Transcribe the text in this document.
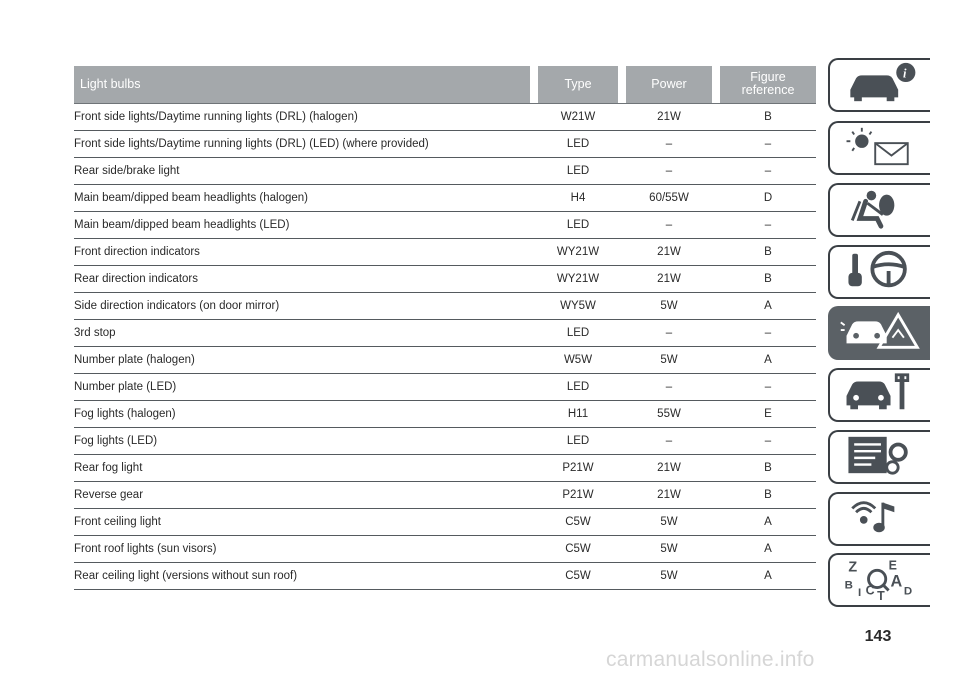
Light bulbs		Type		Power		Figure reference
Front side lights/Daytime running lights (DRL) (halogen)		W21W		21W		B
Front side lights/Daytime running lights (DRL) (LED) (where provided)		LED		–		–
Rear side/brake light		LED		–		–
Main beam/dipped beam headlights (halogen)		H4		60/55W		D
Main beam/dipped beam headlights (LED)		LED		–		–
Front direction indicators		WY21W		21W		B
Rear direction indicators		WY21W		21W		B
Side direction indicators (on door mirror)		WY5W		5W		A
3rd stop		LED		–		–
Number plate (halogen)		W5W		5W		A
Number plate (LED)		LED		–		–
Fog lights (halogen)		H11		55W		E
Fog lights (LED)		LED		–		–
Rear fog light		P21W		21W		B
Reverse gear		P21W		21W		B
Front ceiling light		C5W		5W		A
Front roof lights (sun visors)		C5W		5W		A
Rear ceiling light (versions without sun roof)		C5W		5W		A
i
Z E
B A
D
C T
I
143
carmanualsonline.info
